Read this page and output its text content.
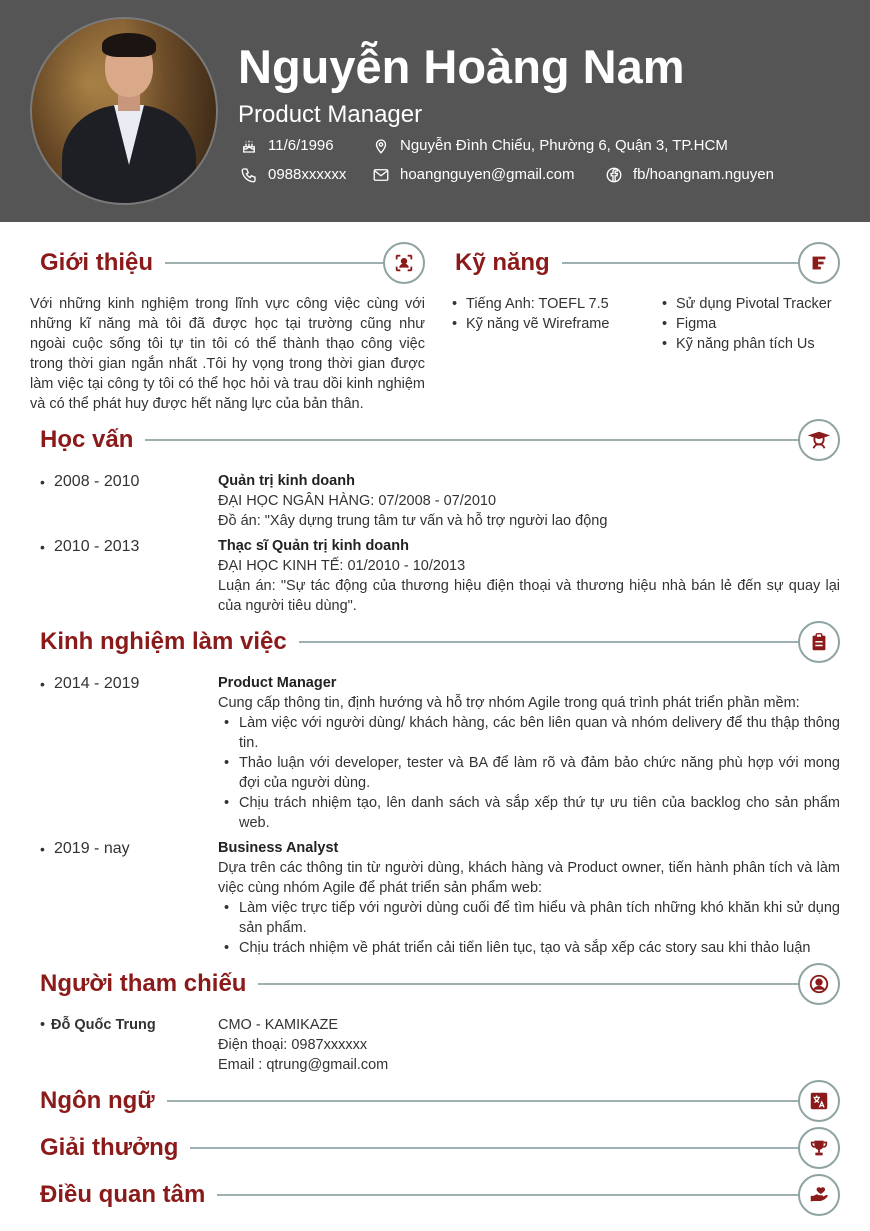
Nguyễn Hoàng Nam
Product Manager
11/6/1996	Nguyễn Đình Chiểu, Phường 6, Quận 3, TP.HCM
0988xxxxxx	hoangnguyen@gmail.com	fb/hoangnam.nguyen
Giới thiệu
Với những kinh nghiệm trong lĩnh vực công việc cùng với những kĩ năng mà tôi đã được học tại trường cũng như ngoài cuộc sống tôi tự tin tôi có thể thành thạo công việc trong thời gian ngắn nhất .Tôi hy vọng trong thời gian được làm việc tại công ty tôi có thể học hỏi và trau dồi kinh nghiệm và có thể phát huy được hết năng lực của bản thân.
Kỹ năng
• Tiếng Anh: TOEFL 7.5
• Kỹ năng vẽ Wireframe
• Sử dụng Pivotal Tracker
• Figma
• Kỹ năng phân tích Us
Học vấn
• 2008 - 2010	Quản trị kinh doanh
ĐẠI HỌC NGÂN HÀNG: 07/2008 - 07/2010
Đồ án: "Xây dựng trung tâm tư vấn và hỗ trợ người lao động
• 2010 - 2013	Thạc sĩ Quản trị kinh doanh
ĐẠI HỌC KINH TẾ: 01/2010 - 10/2013

Luận án: "Sự tác động của thương hiệu điện thoại và thương hiệu nhà bán lẻ đến sự quay lại của người tiêu dùng".

Kinh nghiệm làm việc
• 2014 - 2019	Product Manager

Cung cấp thông tin, định hướng và hỗ trợ nhóm Agile trong quá trình phát triển phần mềm:

• Làm việc với người dùng/ khách hàng, các bên liên quan và nhóm delivery để thu thập thông tin.
• Thảo luận với developer, tester và BA để làm rõ và đảm bảo chức năng phù hợp với mong đợi của người dùng.
• Chịu trách nhiệm tạo, lên danh sách và sắp xếp thứ tự ưu tiên của backlog cho sản phẩm web.
• 2019 - nay	Business Analyst

Dựa trên các thông tin từ người dùng, khách hàng và Product owner, tiến hành phân tích và làm việc cùng nhóm Agile để phát triển sản phẩm web:

• Làm việc trực tiếp với người dùng cuối để tìm hiểu và phân tích những khó khăn khi sử dụng sản phẩm.
• Chịu trách nhiệm về phát triển cải tiến liên tục, tạo và sắp xếp các story sau khi thảo luận
Người tham chiếu
• Đỗ Quốc Trung	CMO - KAMIKAZE
Điện thoại: 0987xxxxxx
Email : qtrung@gmail.com
Ngôn ngữ
Giải thưởng
Điều quan tâm
